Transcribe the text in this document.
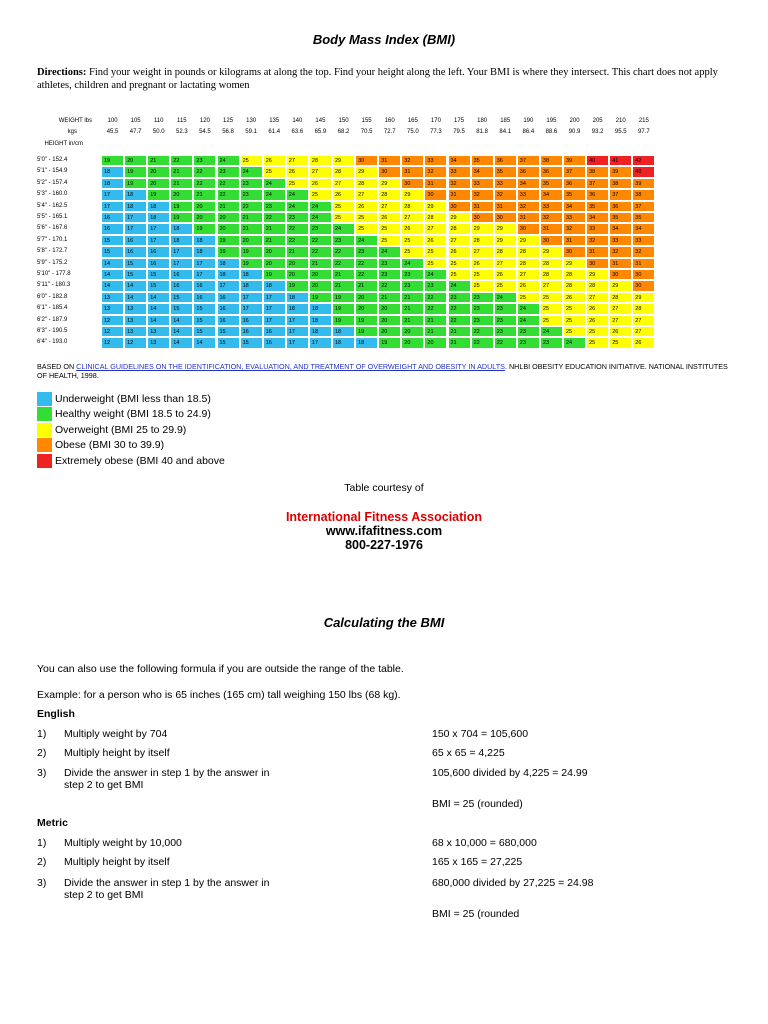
Body Mass Index (BMI)
Directions: Find your weight in pounds or kilograms at along the top. Find your height along the left. Your BMI is where they intersect. This chart does not apply athletes, children and pregnant or lactating women
WEIGHT lbs
kgs
HEIGHT in/cm
100	105	110	115	120	125	130	135	140	145	150	155	160	165	170	175	180	185	190	195	200	205	210	215
45.5	47.7	50.0	52.3	54.5	56.8	59.1	61.4	63.6	65.9	68.2	70.5	72.7	75.0	77.3	79.5	81.8	84.1	86.4	88.6	90.9	93.2	95.5	97.7
5'0" - 152.4	19	20	21	22	23	24	25	26	27	28	29	30	31	32	33	34	35	36	37	38	39	40	41	42
5'1" - 154.9	18	19	20	21	22	23	24	25	26	27	28	29	30	31	32	33	34	35	36	36	37	38	39	40
5'2" - 157.4	18	19	20	21	22	22	23	24	25	26	27	28	29	30	31	32	33	33	34	35	36	37	38	39
5'3" - 160.0	17	18	19	20	21	22	23	24	24	25	26	27	28	29	30	31	32	32	33	34	35	36	37	38
5'4" - 162.5	17	18	18	19	20	21	22	23	24	24	25	26	27	28	29	30	31	31	32	33	34	35	36	37
5'5" - 165.1	16	17	18	19	20	20	21	22	23	24	25	25	26	27	28	29	30	30	31	32	33	34	35	35
5'6" - 167.6	16	17	17	18	19	20	21	21	22	23	24	25	25	26	27	28	29	29	30	31	32	33	34	34
5'7" - 170.1	15	16	17	18	18	19	20	21	22	22	23	24	25	25	26	27	28	29	29	30	31	32	33	33
5'8" - 172.7	15	16	16	17	18	19	19	20	21	22	22	23	24	25	25	26	27	28	28	29	30	31	32	32
5'9" - 175.2	14	15	16	17	17	18	19	20	20	21	22	22	23	24	25	25	26	27	28	28	29	30	31	31
5'10" - 177.8	14	15	15	16	17	18	18	19	20	20	21	22	23	23	24	25	25	26	27	28	28	29	30	30
5'11" - 180.3	14	14	15	16	16	17	18	18	19	20	21	21	22	23	23	24	25	25	26	27	28	28	29	30
6'0" - 182.8	13	14	14	15	16	16	17	17	18	19	19	20	21	21	22	23	23	24	25	25	26	27	28	29
6'1" - 185.4	13	13	14	15	15	16	17	17	18	18	19	20	20	21	22	22	23	23	24	25	25	26	27	28
6'2" - 187.9	12	13	14	14	15	16	16	17	17	18	19	19	20	21	21	22	23	23	24	25	25	26	27	27
6'3" - 190.5	12	13	13	14	15	15	16	16	17	18	18	19	20	20	21	21	22	23	23	24	25	25	26	27
6'4" - 193.0	12	12	13	14	14	15	15	16	17	17	18	18	19	20	20	21	22	22	23	23	24	25	25	26
BASED ON CLINICAL GUIDELINES ON THE IDENTIFICATION, EVALUATION, AND TREATMENT OF OVERWEIGHT AND OBESITY IN ADULTS. NHLBI OBESITY EDUCATION INITIATIVE. NATIONAL INSTITUTES OF HEALTH, 1998.
Underweight (BMI less than 18.5)
Healthy weight (BMI 18.5 to 24.9)
Overweight (BMI 25 to 29.9)
Obese (BMI 30 to 39.9)
Extremely obese (BMI 40 and above
Table courtesy of
International Fitness Association
www.ifafitness.com
800-227-1976
Calculating the BMI
You can also use the following formula if you are outside the range of the table.
Example: for a person who is 65 inches (165 cm) tall weighing 150 lbs (68 kg).
English
1) Multiply weight by 704	150 x 704 = 105,600
2) Multiply height by itself	65 x 65 = 4,225
3) Divide the answer in step 1 by the answer in step 2 to get BMI
105,600 divided by 4,225 = 24.99
BMI = 25 (rounded)
Metric
1) Multiply weight by 10,000	68 x 10,000 = 680,000
2) Multiply height by itself	165 x 165 = 27,225
3) Divide the answer in step 1 by the answer in step 2 to get BMI
680,000 divided by 27,225 = 24.98
BMI = 25 (rounded
